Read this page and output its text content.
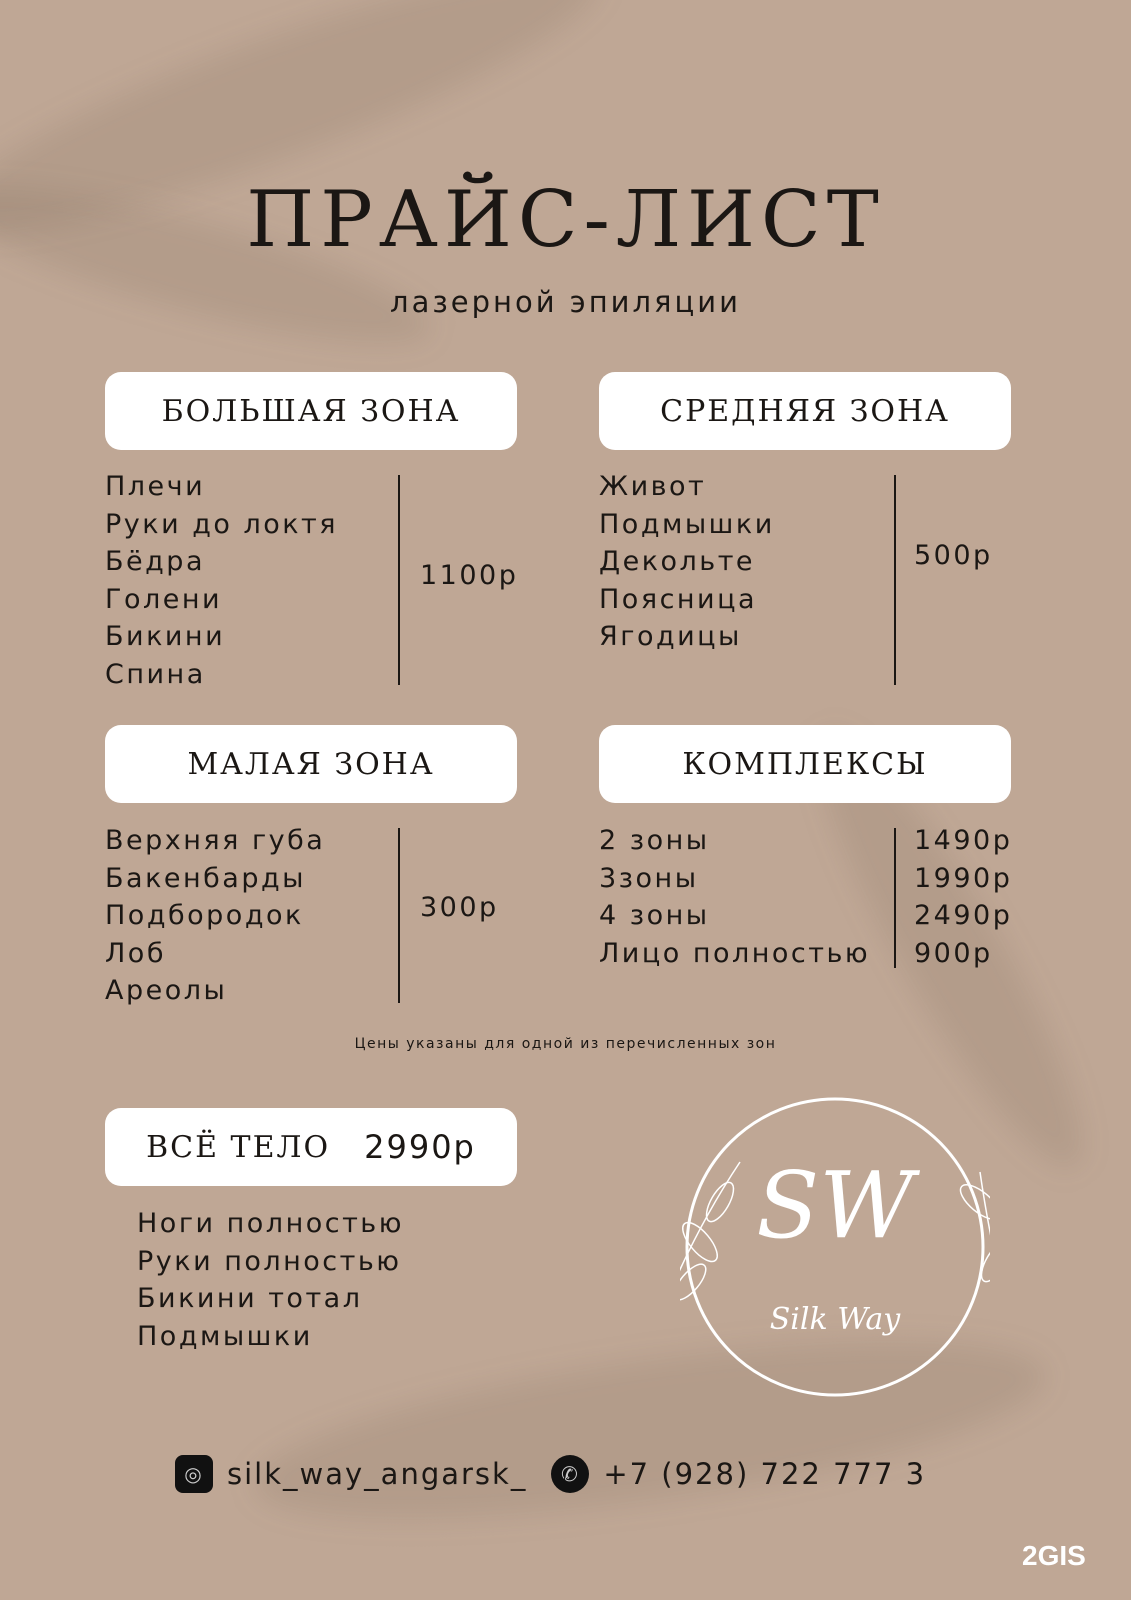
ПРАЙС-ЛИСТ
лазерной эпиляции
БОЛЬШАЯ ЗОНА
Плечи
Руки до локтя
Бёдра
Голени
Бикини
Спина
1100р
СРЕДНЯЯ ЗОНА
Живот
Подмышки
Декольте
Поясница
Ягодицы
500р
МАЛАЯ ЗОНА
Верхняя губа
Бакенбарды
Подбородок
Лоб
Ареолы
300р
КОМПЛЕКСЫ
2 зоны
3зоны
4 зоны
Лицо полностью
1490р
1990р
2490р
900р
Цены указаны для одной из перечисленных зон
ВСЁ ТЕЛО 2990р
Ноги полностью
Руки полностью
Бикини тотал
Подмышки
SW
Silk Way
◎ silk_way_angarsk_	✆ +7 (928) 722 777 3
2GIS
